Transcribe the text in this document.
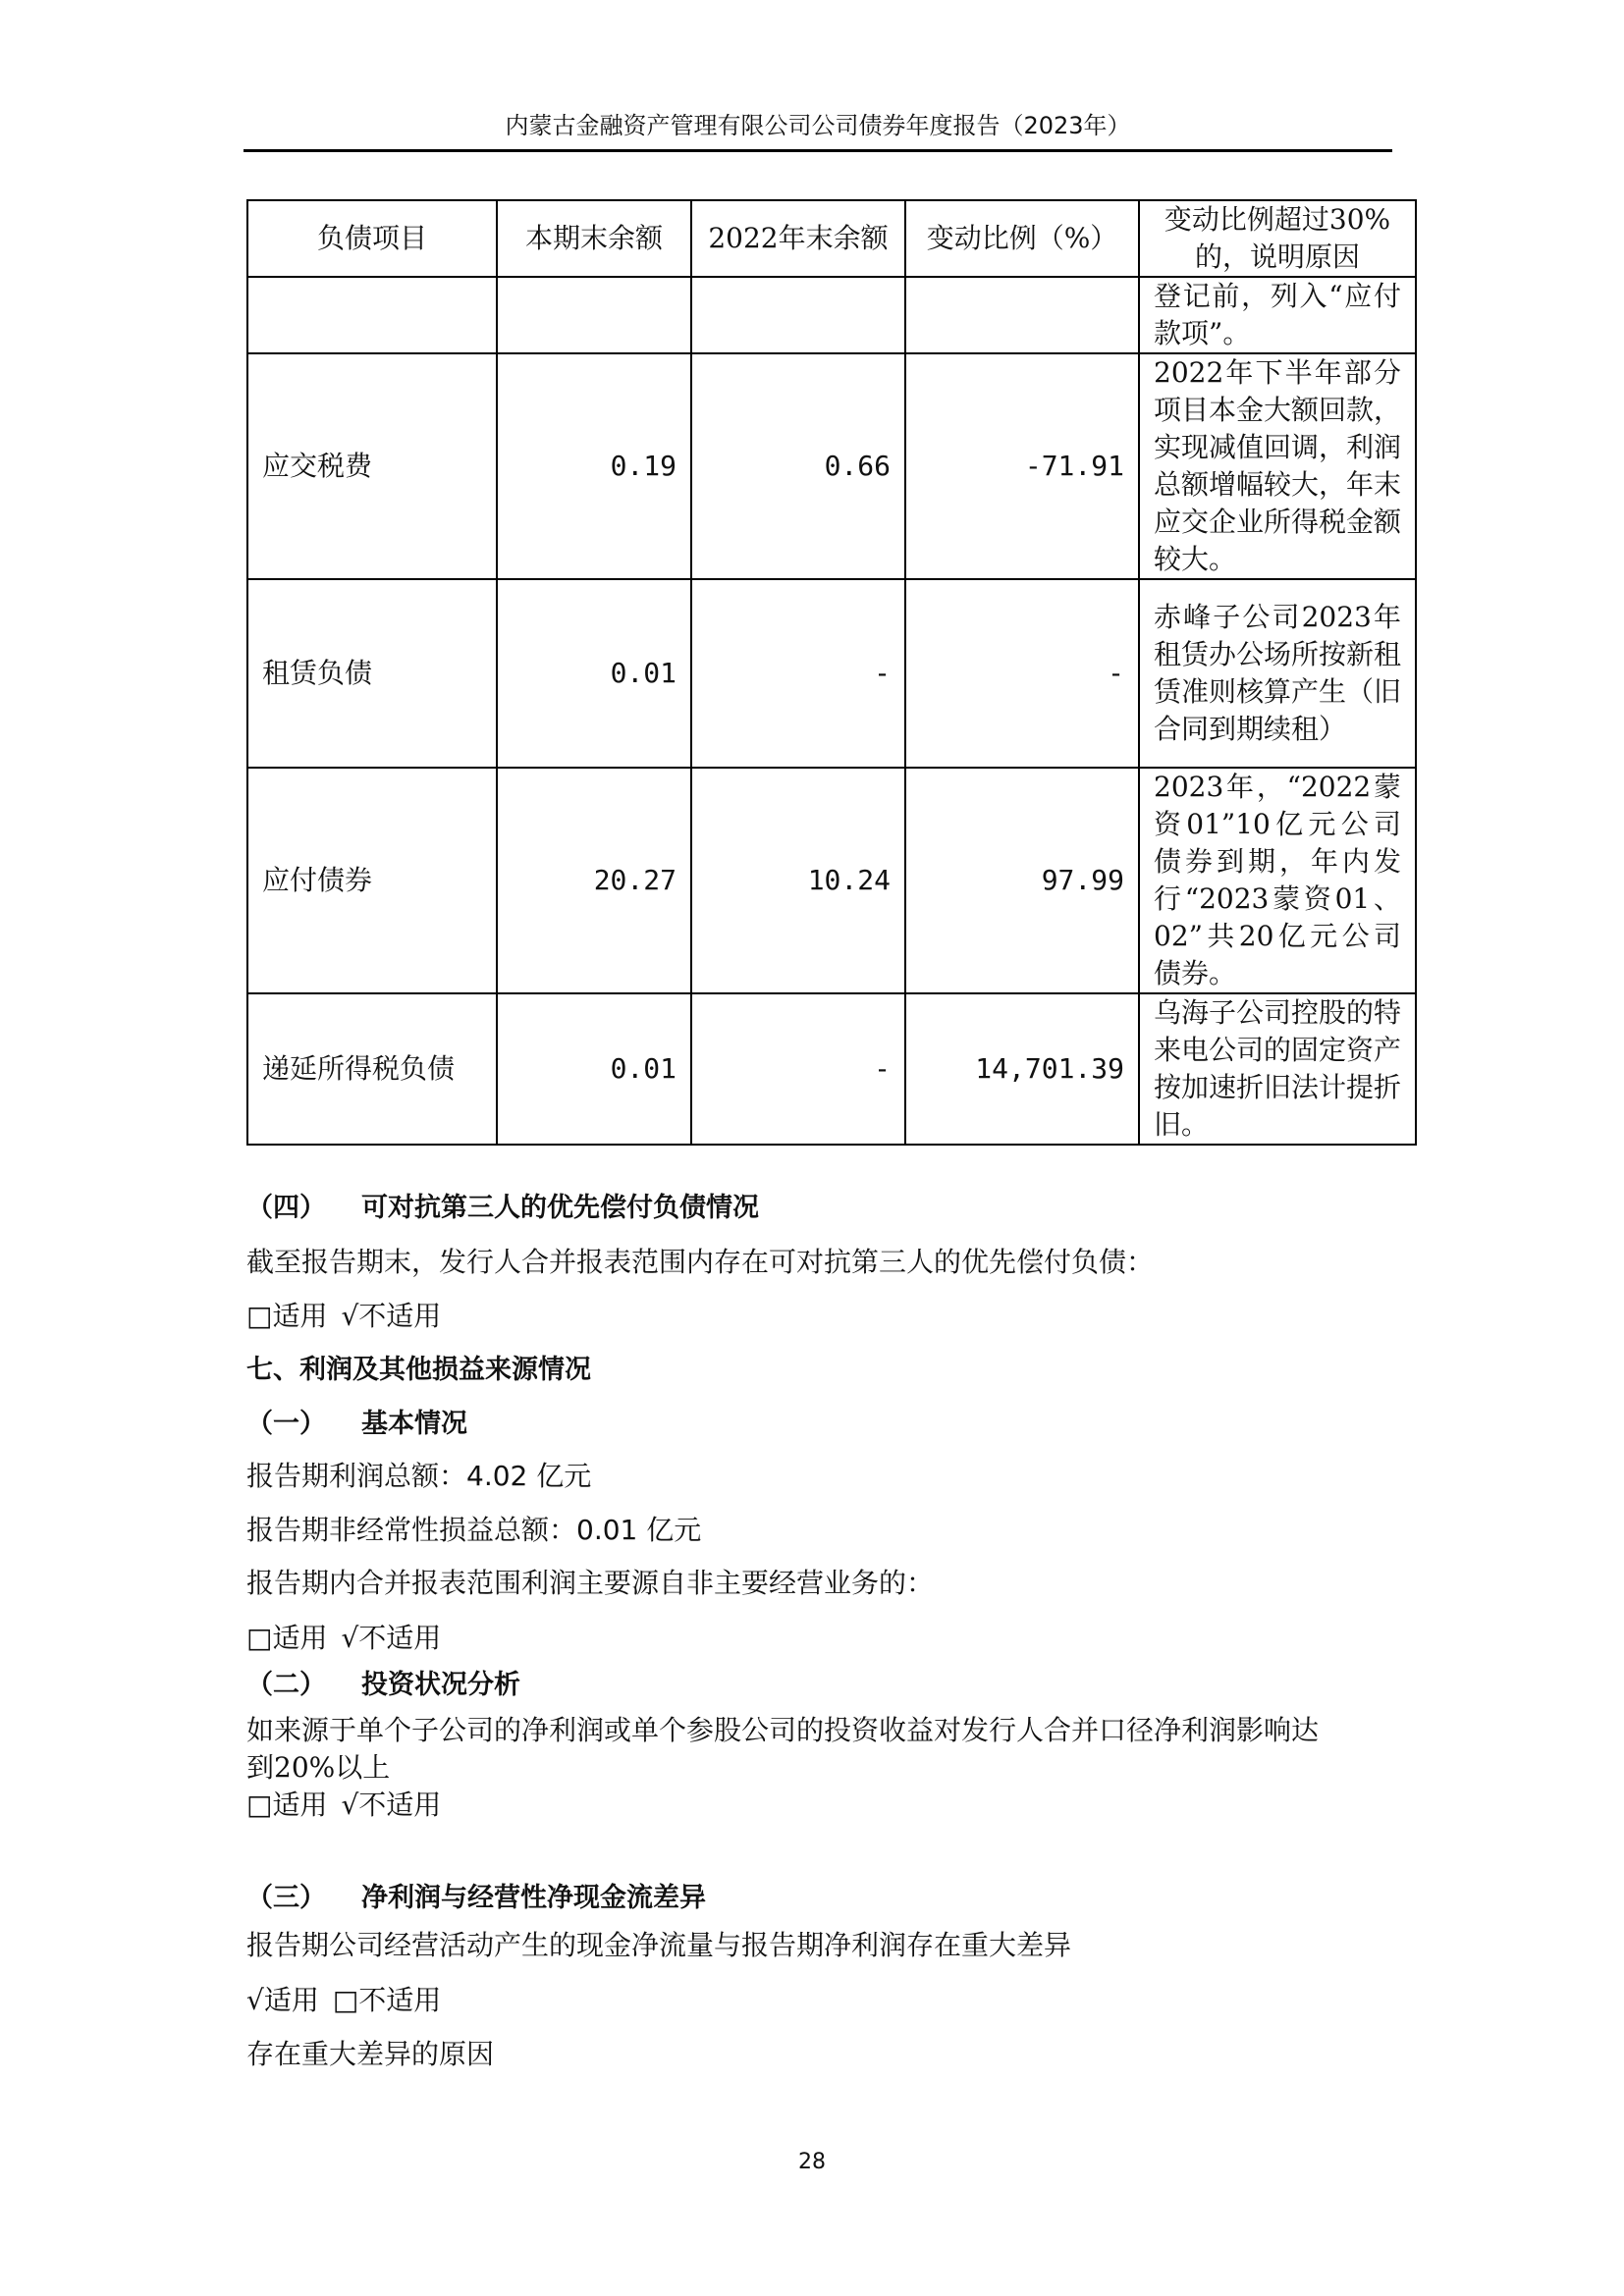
内蒙古金融资产管理有限公司公司债券年度报告（2023年）
负债项目	本期末余额	2022年末余额	变动比例（%）	变动比例超过30%的，说明原因
				登记前，列入“应付款项”。
应交税费	0.19	0.66	-71.91	2022年下半年部分项目本金大额回款，实现减值回调，利润总额增幅较大，年末应交企业所得税金额较大。
租赁负债	0.01	-	-	赤峰子公司2023年租赁办公场所按新租赁准则核算产生（旧合同到期续租）
应付债券	20.27	10.24	97.99	2023年，“2022蒙资01”10亿元公司债券到期，年内发行“2023蒙资01、02”共20亿元公司债券。
递延所得税负债	0.01	-	14,701.39	乌海子公司控股的特来电公司的固定资产按加速折旧法计提折旧。
（四） 可对抗第三人的优先偿付负债情况
截至报告期末，发行人合并报表范围内存在可对抗第三人的优先偿付负债：
□适用 √不适用
七、利润及其他损益来源情况
（一） 基本情况
报告期利润总额：4.02 亿元
报告期非经常性损益总额：0.01 亿元
报告期内合并报表范围利润主要源自非主要经营业务的：
□适用 √不适用
（二） 投资状况分析
如来源于单个子公司的净利润或单个参股公司的投资收益对发行人合并口径净利润影响达
到20%以上
□适用 √不适用
（三） 净利润与经营性净现金流差异
报告期公司经营活动产生的现金净流量与报告期净利润存在重大差异
√适用 □不适用
存在重大差异的原因
28
